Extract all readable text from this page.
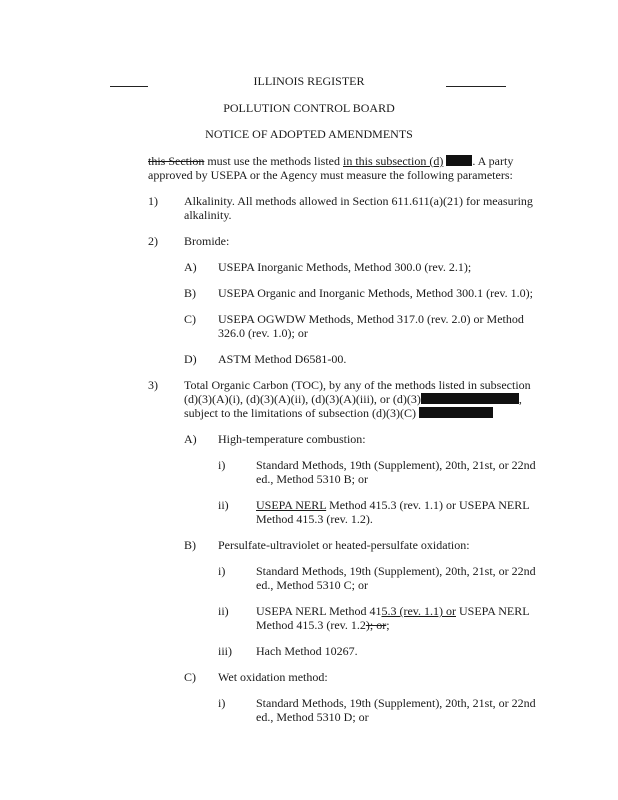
ILLINOIS REGISTER
POLLUTION CONTROL BOARD
NOTICE OF ADOPTED AMENDMENTS
this Section must use the methods listed in this subsection (d) . A party
approved by USEPA or the Agency must measure the following parameters:
1) Alkalinity. All methods allowed in Section 611.611(a)(21) for measuring
alkalinity.
2) Bromide:
A) USEPA Inorganic Methods, Method 300.0 (rev. 2.1);
B) USEPA Organic and Inorganic Methods, Method 300.1 (rev. 1.0);
C) USEPA OGWDW Methods, Method 317.0 (rev. 2.0) or Method
326.0 (rev. 1.0); or
D) ASTM Method D6581-00.
3) Total Organic Carbon (TOC), by any of the methods listed in subsection
(d)(3)(A)(i), (d)(3)(A)(ii), (d)(3)(A)(iii), or (d)(3)	,
subject to the limitations of subsection (d)(3)(C)
A) High-temperature combustion:
i)	Standard Methods, 19th (Supplement), 20th, 21st, or 22nd
ed., Method 5310 B; or
ii) USEPA NERL Method 415.3 (rev. 1.1) or USEPA NERL
Method 415.3 (rev. 1.2).
B) Persulfate-ultraviolet or heated-persulfate oxidation:
i)	Standard Methods, 19th (Supplement), 20th, 21st, or 22nd
ed., Method 5310 C; or
ii) USEPA NERL Method 415.3 (rev. 1.1) or USEPA NERL
Method 415.3 (rev. 1.2); or;
iii) Hach Method 10267.
C) Wet oxidation method:
i)	Standard Methods, 19th (Supplement), 20th, 21st, or 22nd
ed., Method 5310 D; or
